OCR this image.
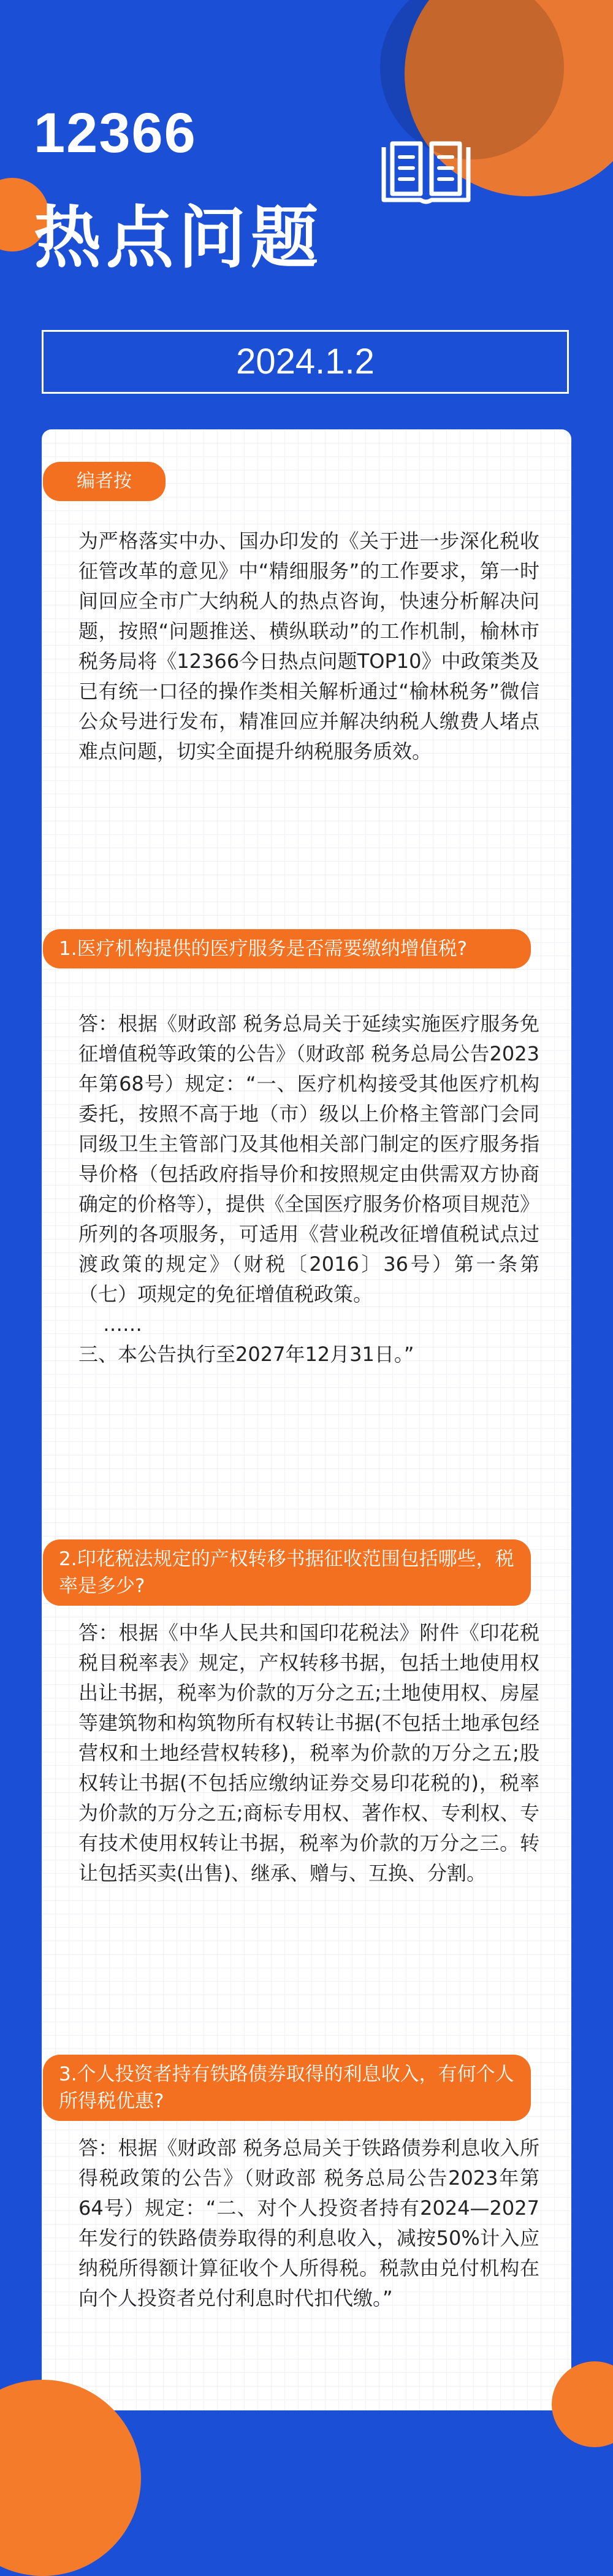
12366
热点问题
2024.1.2
编者按
为严格落实中办、国办印发的《关于进一步深化税收征管改革的意见》中“精细服务”的工作要求，第一时间回应全市广大纳税人的热点咨询，快速分析解决问题，按照“问题推送、横纵联动”的工作机制，榆林市税务局将《12366今日热点问题TOP10》中政策类及已有统一口径的操作类相关解析通过“榆林税务”微信公众号进行发布，精准回应并解决纳税人缴费人堵点难点问题，切实全面提升纳税服务质效。
1.医疗机构提供的医疗服务是否需要缴纳增值税?

答：根据《财政部 税务总局关于延续实施医疗服务免征增值税等政策的公告》（财政部 税务总局公告2023年第68号）规定：“一、医疗机构接受其他医疗机构委托，按照不高于地（市）级以上价格主管部门会同同级卫生主管部门及其他相关部门制定的医疗服务指导价格（包括政府指导价和按照规定由供需双方协商确定的价格等），提供《全国医疗服务价格项目规范》所列的各项服务，可适用《营业税改征增值税试点过渡政策的规定》（财税〔2016〕36号）第一条第（七）项规定的免征增值税政策。

……

三、本公告执行至2027年12月31日。”

2.印花税法规定的产权转移书据征收范围包括哪些，税率是多少?
答：根据《中华人民共和国印花税法》附件《印花税税目税率表》规定，产权转移书据，包括土地使用权出让书据，税率为价款的万分之五;土地使用权、房屋等建筑物和构筑物所有权转让书据(不包括土地承包经营权和土地经营权转移)，税率为价款的万分之五;股权转让书据(不包括应缴纳证券交易印花税的)，税率为价款的万分之五;商标专用权、著作权、专利权、专有技术使用权转让书据，税率为价款的万分之三。转让包括买卖(出售)、继承、赠与、互换、分割。
3.个人投资者持有铁路债券取得的利息收入，有何个人所得税优惠?
答：根据《财政部 税务总局关于铁路债券利息收入所得税政策的公告》（财政部 税务总局公告2023年第64号）规定：“二、对个人投资者持有2024—2027年发行的铁路债券取得的利息收入，减按50%计入应纳税所得额计算征收个人所得税。税款由兑付机构在向个人投资者兑付利息时代扣代缴。”
